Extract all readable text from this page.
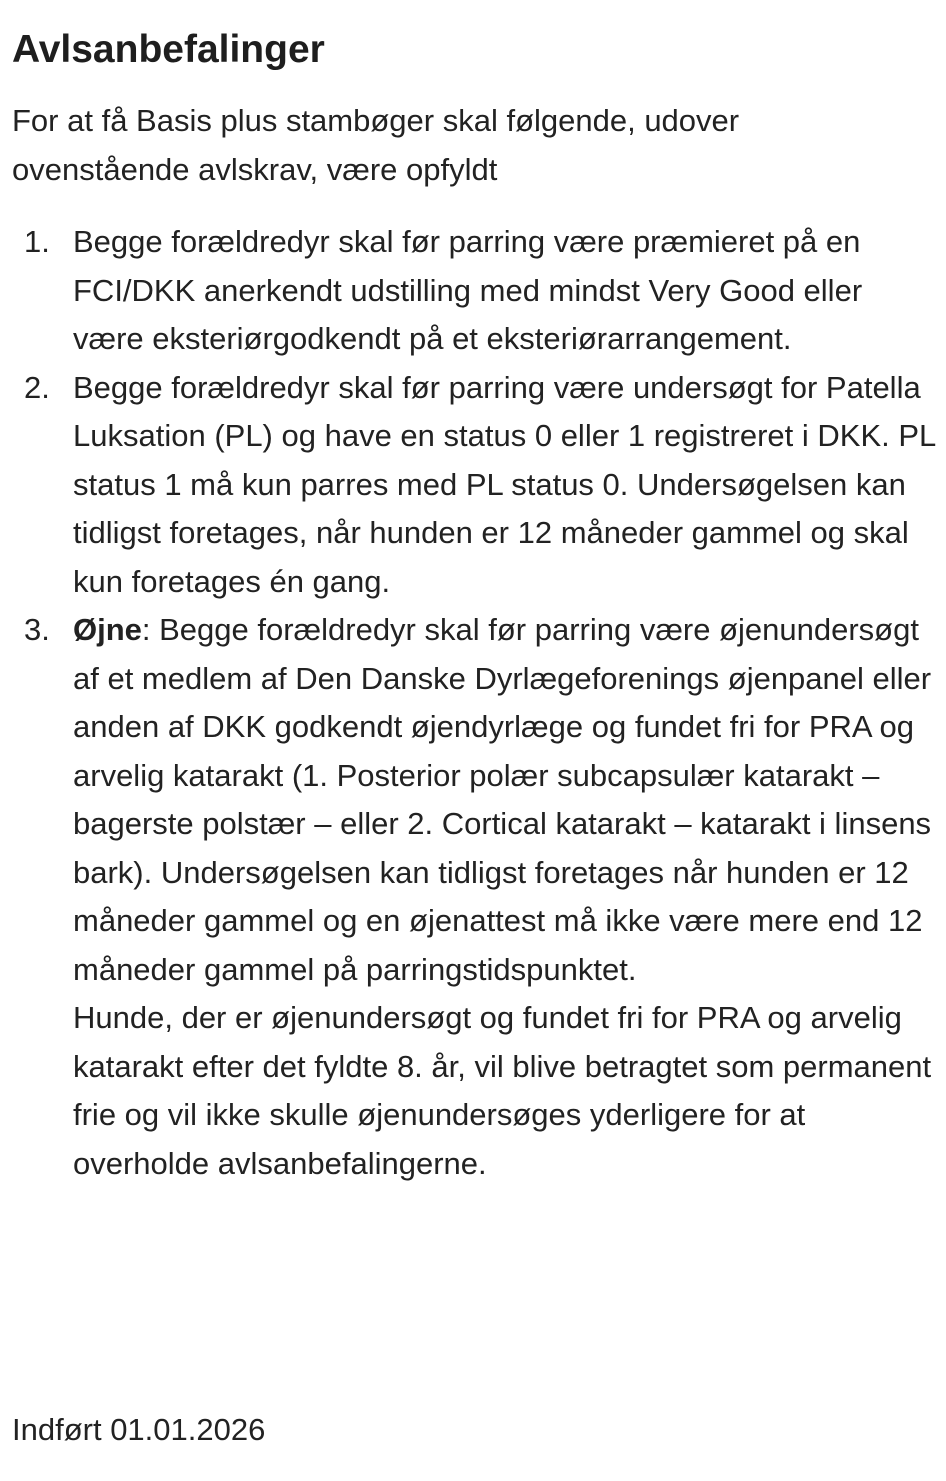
Avlsanbefalinger

For at få Basis plus stambøger skal følgende, udover ovenstående avlskrav, være opfyldt

1. Begge forældredyr skal før parring være præmieret på en FCI/DKK anerkendt udstilling med mindst Very Good eller være eksteriørgodkendt på et eksteriørarrangement.
2. Begge forældredyr skal før parring være undersøgt for Patella Luksation (PL) og have en status 0 eller 1 registreret i DKK. PL status 1 må kun parres med PL status 0. Undersøgelsen kan tidligst foretages, når hunden er 12 måneder gammel og skal kun foretages én gang.
3. Øjne: Begge forældredyr skal før parring være øjenundersøgt af et medlem af Den Danske Dyrlægeforenings øjenpanel eller anden af DKK godkendt øjendyrlæge og fundet fri for PRA og arvelig katarakt (1. Posterior polær subcapsulær katarakt – bagerste polstær – eller 2. Cortical katarakt – katarakt i linsens bark). Undersøgelsen kan tidligst foretages når hunden er 12 måneder gammel og en øjenattest må ikke være mere end 12 måneder gammel på parringstidspunktet.
Hunde, der er øjenundersøgt og fundet fri for PRA og arvelig katarakt efter det fyldte 8. år, vil blive betragtet som permanent frie og vil ikke skulle øjenundersøges yderligere for at overholde avlsanbefalingerne.

Indført 01.01.2026
